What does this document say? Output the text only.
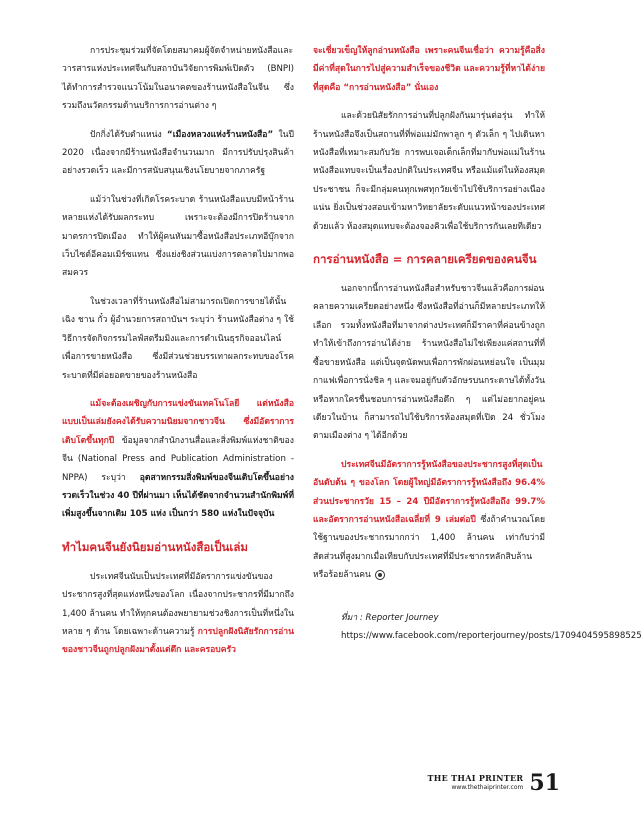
การประชุมร่วมที่จัดโดยสมาคมผู้จัดจำหน่ายหนังสือและวารสารแห่งประเทศจีนกับสถาบันวิจัยการพิมพ์เปิดตัว (BNPI) ได้ทำการสำรวจแนวโน้มในอนาคตของร้านหนังสือในจีน ซึ่งรวมถึงนวัตกรรมด้านบริการการอ่านต่าง ๆ

ปักกิ่งได้รับตำแหน่ง “เมืองหลวงแห่งร้านหนังสือ” ในปี 2020 เนื่องจากมีร้านหนังสือจำนวนมาก มีการปรับปรุงสินค้าอย่างรวดเร็ว และมีการสนับสนุนเชิงนโยบายจากภาครัฐ

แม้ว่าในช่วงที่เกิดโรคระบาด ร้านหนังสือแบบมีหน้าร้านหลายแห่งได้รับผลกระทบ เพราะจะต้องมีการปิดร้านจากมาตรการปิดเมือง ทำให้ผู้คนหันมาซื้อหนังสือประเภทอีบุ๊กจากเว็บไซต์อีคอมเมิร์ซแทน ซึ่งแย่งชิงส่วนแบ่งการตลาดไปมากพอสมควร

ในช่วงเวลาที่ร้านหนังสือไม่สามารถเปิดการขายได้นั้น เฉิง ชาน กั๋ว ผู้อำนวยการสถาบันฯ ระบุว่า ร้านหนังสือต่าง ๆ ใช้วิธีการจัดกิจกรรมไลฟ์สตรีมมิงและการดำเนินธุรกิจออนไลน์เพื่อการขายหนังสือ ซึ่งมีส่วนช่วยบรรเทาผลกระทบของโรคระบาดที่มีต่อยอดขายของร้านหนังสือ

แม้จะต้องเผชิญกับการแข่งขันเทคโนโลยี แต่หนังสือแบบเป็นเล่มยังคงได้รับความนิยมจากชาวจีน ซึ่งมีอัตราการเติบโตขึ้นทุกปี ข้อมูลจากสำนักงานสื่อและสิ่งพิมพ์แห่งชาติของจีน (National Press and Publication Administration - NPPA) ระบุว่า อุตสาหกรรมสิ่งพิมพ์ของจีนเติบโตขึ้นอย่างรวดเร็วในช่วง 40 ปีที่ผ่านมา เห็นได้ชัดจากจำนวนสำนักพิมพ์ที่เพิ่มสูงขึ้นจากเดิม 105 แห่ง เป็นกว่า 580 แห่งในปัจจุบัน

ทำไมคนจีนยังนิยมอ่านหนังสือเป็นเล่ม

ประเทศจีนนับเป็นประเทศที่มีอัตราการแข่งขันของประชากรสูงที่สุดแห่งหนึ่งของโลก เนื่องจากประชากรที่มีมากถึง 1,400 ล้านคน ทำให้ทุกคนต้องพยายามช่วงชิงการเป็นที่หนึ่งในหลาย ๆ ด้าน โดยเฉพาะด้านความรู้ การปลูกฝังนิสัยรักการอ่านของชาวจีนถูกปลูกฝังมาตั้งแต่ดึก และครอบครัว

จะเชี่ยวเข็ญให้ลูกอ่านหนังสือ เพราะคนจีนเชื่อว่า ความรู้คือสิ่งมีค่าที่สุดในการไปสู่ความสำเร็จของชีวิต และความรู้ที่หาได้ง่ายที่สุดคือ “การอ่านหนังสือ” นั่นเอง

และด้วยนิสัยรักการอ่านที่ปลูกฝังกันมารุ่นต่อรุ่น ทำให้ร้านหนังสือจึงเป็นสถานที่ที่พ่อแม่มักพาลูก ๆ ตัวเล็ก ๆ ไปเดินหาหนังสือที่เหมาะสมกับวัย การพบเจอเด็กเล็กที่มากับพ่อแม่ในร้านหนังสือแทบจะเป็นเรื่องปกติในประเทศจีน หรือแม้แต่ในห้องสมุดประชาชน ก็จะมีกลุ่มคนทุกเพศทุกวัยเข้าไปใช้บริการอย่างเนืองแน่น ยิ่งเป็นช่วงสอบเข้ามหาวิทยาลัยระดับแนวหน้าของประเทศด้วยแล้ว ห้องสมุดแทบจะต้องจองคิวเพื่อใช้บริการกันเลยทีเดียว

การอ่านหนังสือ = การคลายเครียดของคนจีน

นอกจากนี้การอ่านหนังสือสำหรับชาวจีนแล้วคือการผ่อนคลายความเครียดอย่างหนึ่ง ซึ่งหนังสือที่อ่านก็มีหลายประเภทให้เลือก รวมทั้งหนังสือที่มาจากต่างประเทศก็มีราคาที่ค่อนข้างถูก ทำให้เข้าถึงการอ่านได้ง่าย ร้านหนังสือไม่ใช่เพียงแค่สถานที่ที่ซื้อขายหนังสือ แต่เป็นจุดนัดพบเพื่อการพักผ่อนหย่อนใจ เป็นมุมกาแฟเพื่อการนั่งชิล ๆ และจมอยู่กับตัวอักษรบนกระดาษได้ทั้งวัน หรือหากใครชื่นชอบการอ่านหนังสือดึก ๆ แต่ไม่อยากอยู่คนเดียวในบ้าน ก็สามารถไปใช้บริการห้องสมุดที่เปิด 24 ชั่วโมงตามเมืองต่าง ๆ ได้อีกด้วย

ประเทศจีนมีอัตราการรู้หนังสือของประชากรสูงที่สุดเป็นอันดับต้น ๆ ของโลก โดยผู้ใหญ่มีอัตราการรู้หนังสือถึง 96.4% ส่วนประชากรวัย 15 – 24 ปีมีอัตราการรู้หนังสือถึง 99.7% และอัตราการอ่านหนังสือเฉลี่ยที่ 9 เล่มต่อปี ซึ่งถ้าคำนวณโดยใช้ฐานของประชากรมากกว่า 1,400 ล้านคน เท่ากับว่ามีสัดส่วนที่สูงมากเมื่อเทียบกับประเทศที่มีประชากรหลักสิบล้านหรือร้อยล้านคน

ที่มา : Reporter Journey
https://www.facebook.com/reporterjourney/posts/1709404595898525

THE THAI PRINTER
www.thethaiprinter.com 51
